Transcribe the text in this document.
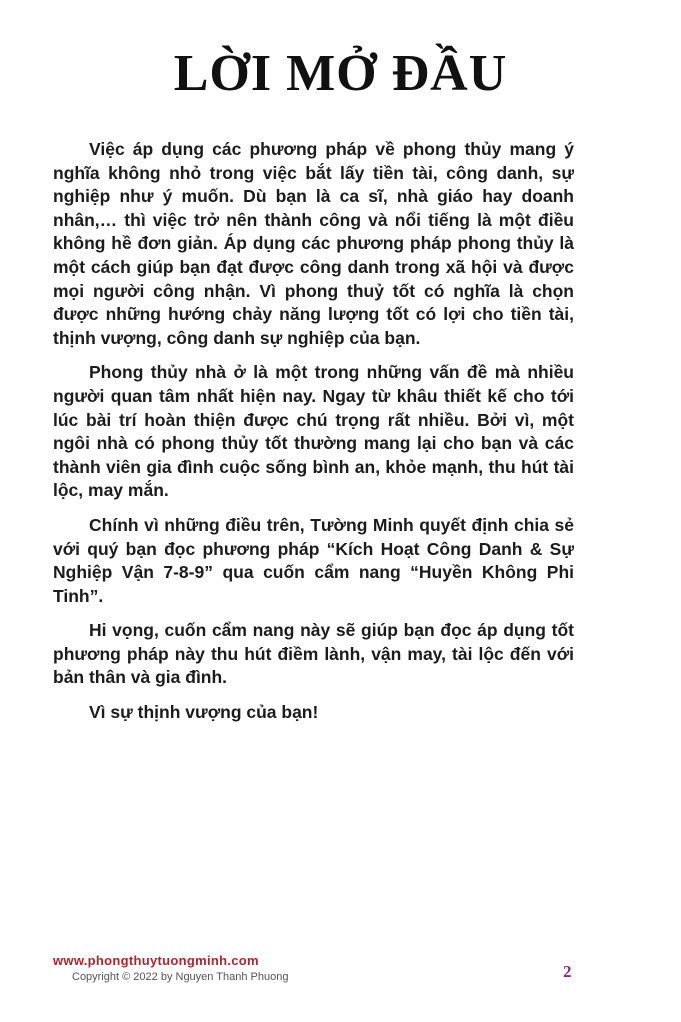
LỜI MỞ ĐẦU

Việc áp dụng các phương pháp về phong thủy mang ý nghĩa không nhỏ trong việc bắt lấy tiền tài, công danh, sự nghiệp như ý muốn. Dù bạn là ca sĩ, nhà giáo hay doanh nhân,… thì việc trở nên thành công và nổi tiếng là một điều không hề đơn giản. Áp dụng các phương pháp phong thủy là một cách giúp bạn đạt được công danh trong xã hội và được mọi người công nhận. Vì phong thuỷ tốt có nghĩa là chọn được những hướng chảy năng lượng tốt có lợi cho tiền tài, thịnh vượng, công danh sự nghiệp của bạn.

Phong thủy nhà ở là một trong những vấn đề mà nhiều người quan tâm nhất hiện nay. Ngay từ khâu thiết kế cho tới lúc bài trí hoàn thiện được chú trọng rất nhiều. Bởi vì, một ngôi nhà có phong thủy tốt thường mang lại cho bạn và các thành viên gia đình cuộc sống bình an, khỏe mạnh, thu hút tài lộc, may mắn.

Chính vì những điều trên, Tường Minh quyết định chia sẻ với quý bạn đọc phương pháp “Kích Hoạt Công Danh & Sự Nghiệp Vận 7-8-9” qua cuốn cẩm nang “Huyền Không Phi Tinh”.

Hi vọng, cuốn cẩm nang này sẽ giúp bạn đọc áp dụng tốt phương pháp này thu hút điềm lành, vận may, tài lộc đến với bản thân và gia đình.

Vì sự thịnh vượng của bạn!

www.phongthuytuongminh.com
Copyright © 2022 by Nguyen Thanh Phuong	2
